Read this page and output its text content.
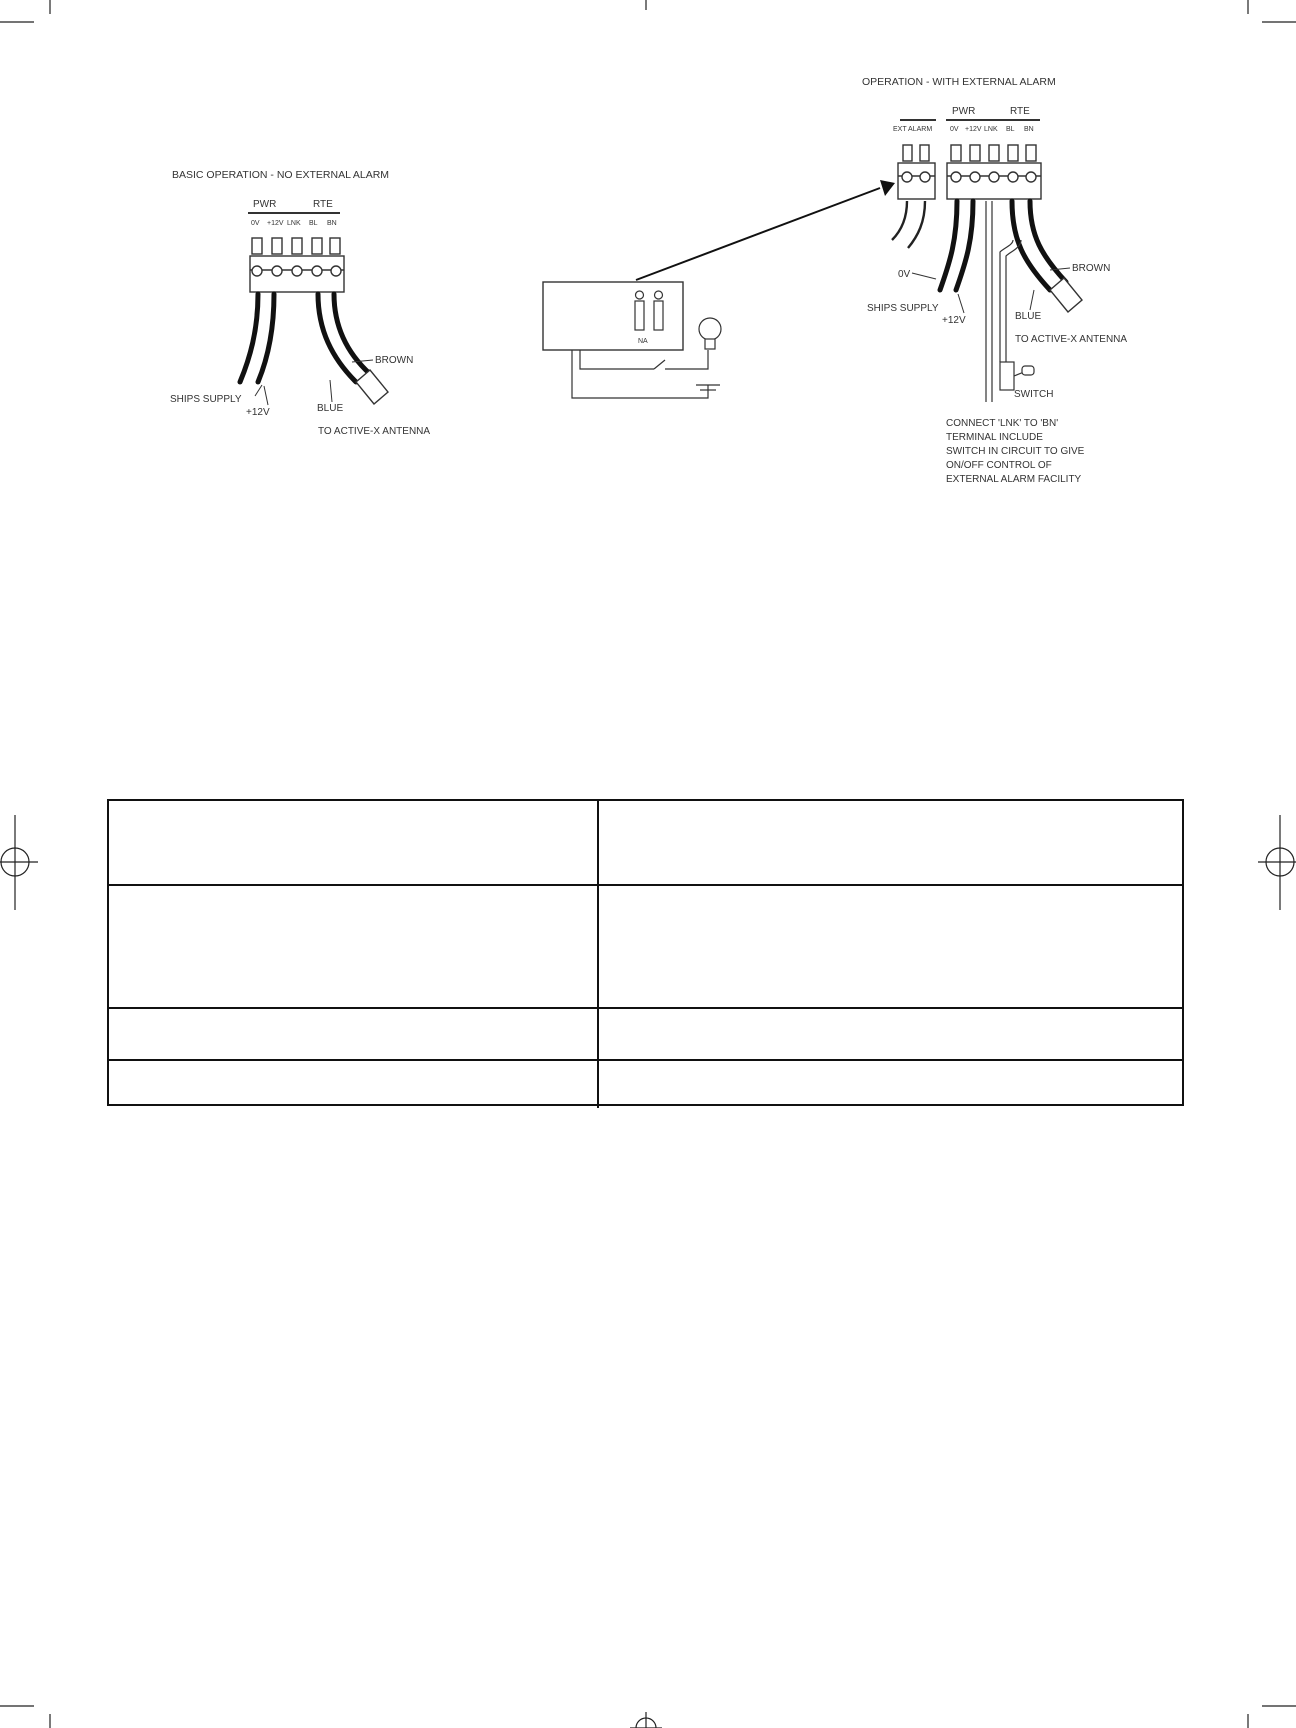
BASIC OPERATION - NO EXTERNAL ALARM
PWR	RTE
0V +12V LNK BL BN
SHIPS SUPPLY
+12V
BROWN
BLUE
TO ACTIVE-X ANTENNA
NA
OPERATION - WITH EXTERNAL ALARM
EXT ALARM
PWR	RTE
0V +12V LNK BL BN
0V
SHIPS SUPPLY
+12V
BROWN
BLUE
TO ACTIVE-X ANTENNA
SWITCH
CONNECT 'LNK' TO 'BN'
TERMINAL INCLUDE
SWITCH IN CIRCUIT TO GIVE
ON/OFF CONTROL OF
EXTERNAL ALARM FACILITY
